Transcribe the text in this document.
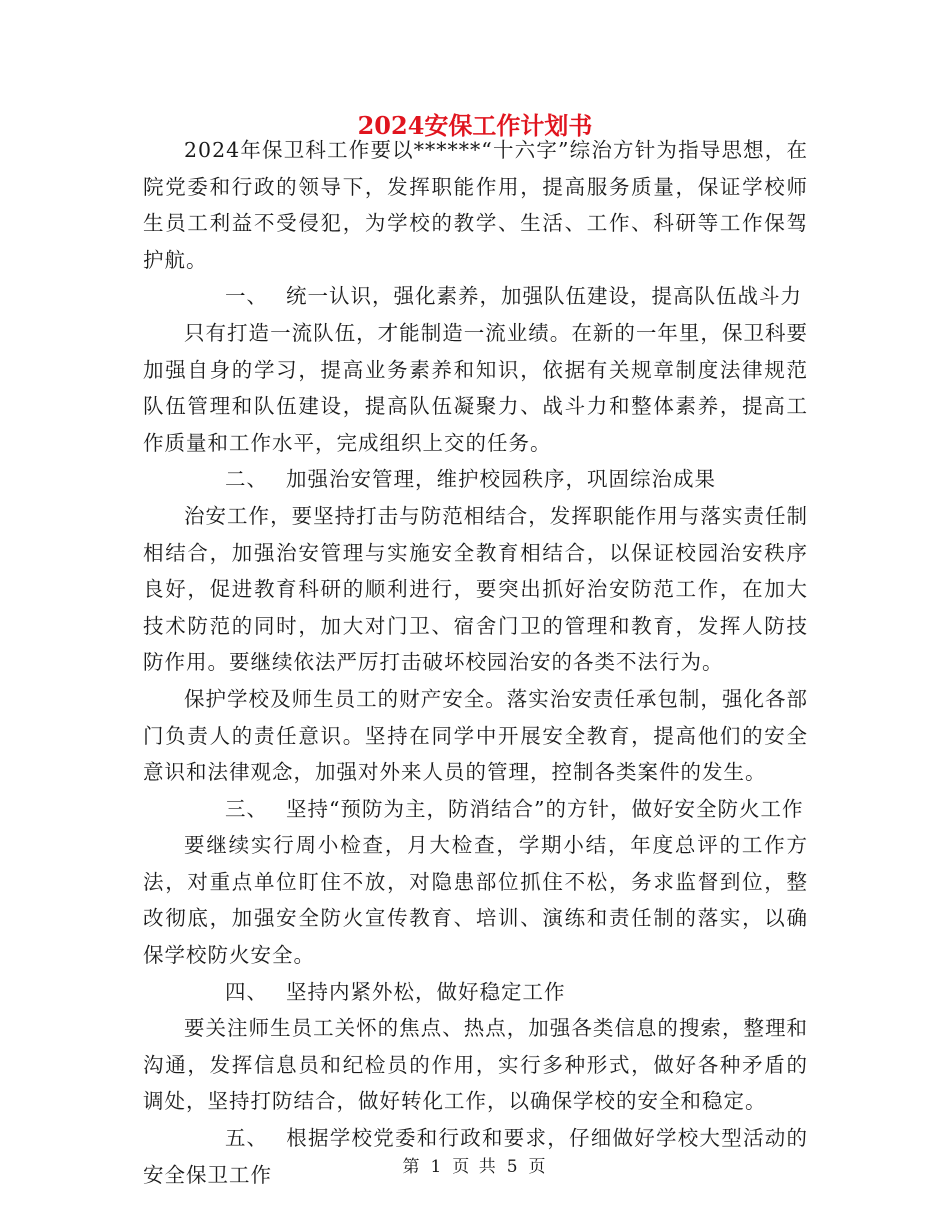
2024安保工作计划书

2024年保卫科工作要以******“十六字”综治方针为指导思想，在院党委和行政的领导下，发挥职能作用，提高服务质量，保证学校师生员工利益不受侵犯，为学校的教学、生活、工作、科研等工作保驾护航。

一、 统一认识，强化素养，加强队伍建设，提高队伍战斗力

只有打造一流队伍，才能制造一流业绩。在新的一年里，保卫科要加强自身的学习，提高业务素养和知识，依据有关规章制度法律规范队伍管理和队伍建设，提高队伍凝聚力、战斗力和整体素养，提高工作质量和工作水平，完成组织上交的任务。

二、 加强治安管理，维护校园秩序，巩固综治成果

治安工作，要坚持打击与防范相结合，发挥职能作用与落实责任制相结合，加强治安管理与实施安全教育相结合，以保证校园治安秩序良好，促进教育科研的顺利进行，要突出抓好治安防范工作，在加大技术防范的同时，加大对门卫、宿舍门卫的管理和教育，发挥人防技防作用。要继续依法严厉打击破坏校园治安的各类不法行为。

保护学校及师生员工的财产安全。落实治安责任承包制，强化各部门负责人的责任意识。坚持在同学中开展安全教育，提高他们的安全意识和法律观念，加强对外来人员的管理，控制各类案件的发生。

三、 坚持“预防为主，防消结合”的方针，做好安全防火工作

要继续实行周小检查，月大检查，学期小结，年度总评的工作方法，对重点单位盯住不放，对隐患部位抓住不松，务求监督到位，整改彻底，加强安全防火宣传教育、培训、演练和责任制的落实，以确保学校防火安全。

四、 坚持内紧外松，做好稳定工作

要关注师生员工关怀的焦点、热点，加强各类信息的搜索，整理和沟通，发挥信息员和纪检员的作用，实行多种形式，做好各种矛盾的调处，坚持打防结合，做好转化工作，以确保学校的安全和稳定。

五、 根据学校党委和行政和要求，仔细做好学校大型活动的安全保卫工作	第 1 页 共 5 页
